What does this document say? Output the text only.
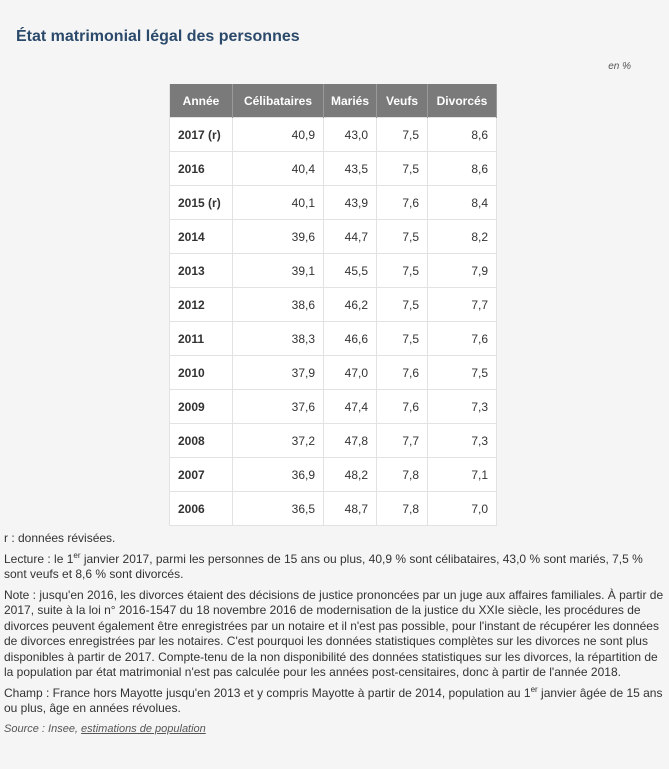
État matrimonial légal des personnes
en %
Année	Célibataires	Mariés	Veufs	Divorcés
2017 (r)	40,9	43,0	7,5	8,6
2016	40,4	43,5	7,5	8,6
2015 (r)	40,1	43,9	7,6	8,4
2014	39,6	44,7	7,5	8,2
2013	39,1	45,5	7,5	7,9
2012	38,6	46,2	7,5	7,7
2011	38,3	46,6	7,5	7,6
2010	37,9	47,0	7,6	7,5
2009	37,6	47,4	7,6	7,3
2008	37,2	47,8	7,7	7,3
2007	36,9	48,2	7,8	7,1
2006	36,5	48,7	7,8	7,0

r : données révisées.

Lecture : le 1er janvier 2017, parmi les personnes de 15 ans ou plus, 40,9 % sont célibataires, 43,0 % sont mariés, 7,5 % sont veufs et 8,6 % sont divorcés.

Note : jusqu'en 2016, les divorces étaient des décisions de justice prononcées par un juge aux affaires familiales. À partir de 2017, suite à la loi n° 2016-1547 du 18 novembre 2016 de modernisation de la justice du XXIe siècle, les procédures de divorces peuvent également être enregistrées par un notaire et il n'est pas possible, pour l'instant de récupérer les données de divorces enregistrées par les notaires. C'est pourquoi les données statistiques complètes sur les divorces ne sont plus disponibles à partir de 2017. Compte-tenu de la non disponibilité des données statistiques sur les divorces, la répartition de la population par état matrimonial n'est pas calculée pour les années post-censitaires, donc à partir de l'année 2018.

Champ : France hors Mayotte jusqu'en 2013 et y compris Mayotte à partir de 2014, population au 1er janvier âgée de 15 ans ou plus, âge en années révolues.

Source : Insee, estimations de population
